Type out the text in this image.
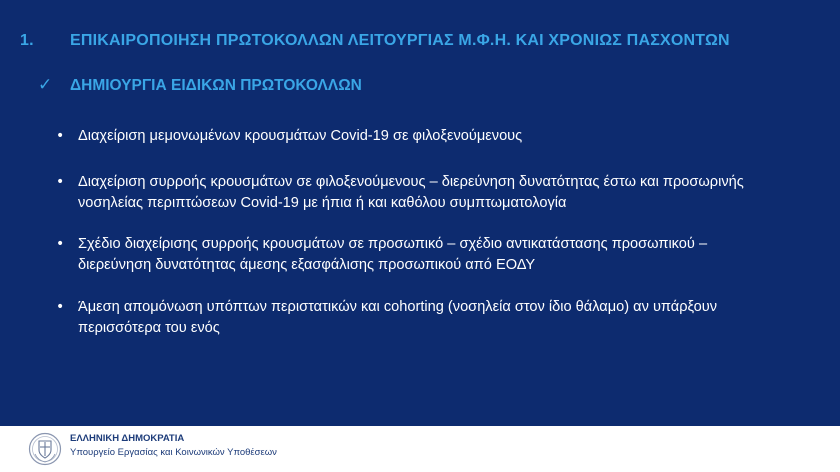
1. ΕΠΙΚΑΙΡΟΠΟΙΗΣΗ ΠΡΩΤΟΚΟΛΛΩΝ ΛΕΙΤΟΥΡΓΙΑΣ Μ.Φ.Η. ΚΑΙ ΧΡΟΝΙΩΣ ΠΑΣΧΟΝΤΩΝ
✓ ΔΗΜΙΟΥΡΓΙΑ ΕΙΔΙΚΩΝ ΠΡΩΤΟΚΟΛΛΩΝ
• Διαχείριση μεμονωμένων κρουσμάτων Covid-19 σε φιλοξενούμενους
• Διαχείριση συρροής κρουσμάτων σε φιλοξενούμενους – διερεύνηση δυνατότητας έστω και προσωρινής
νοσηλείας περιπτώσεων Covid-19 με ήπια ή και καθόλου συμπτωματολογία
• Σχέδιο διαχείρισης συρροής κρουσμάτων σε προσωπικό – σχέδιο αντικατάστασης προσωπικού –
διερεύνηση δυνατότητας άμεσης εξασφάλισης προσωπικού από ΕΟΔΥ
• Άμεση απομόνωση υπόπτων περιστατικών και cohorting (νοσηλεία στον ίδιο θάλαμο) αν υπάρξουν
περισσότερα του ενός
ΕΛΛΗΝΙΚΗ ΔΗΜΟΚΡΑΤΙΑ
Υπουργείο Εργασίας και Κοινωνικών Υποθέσεων
